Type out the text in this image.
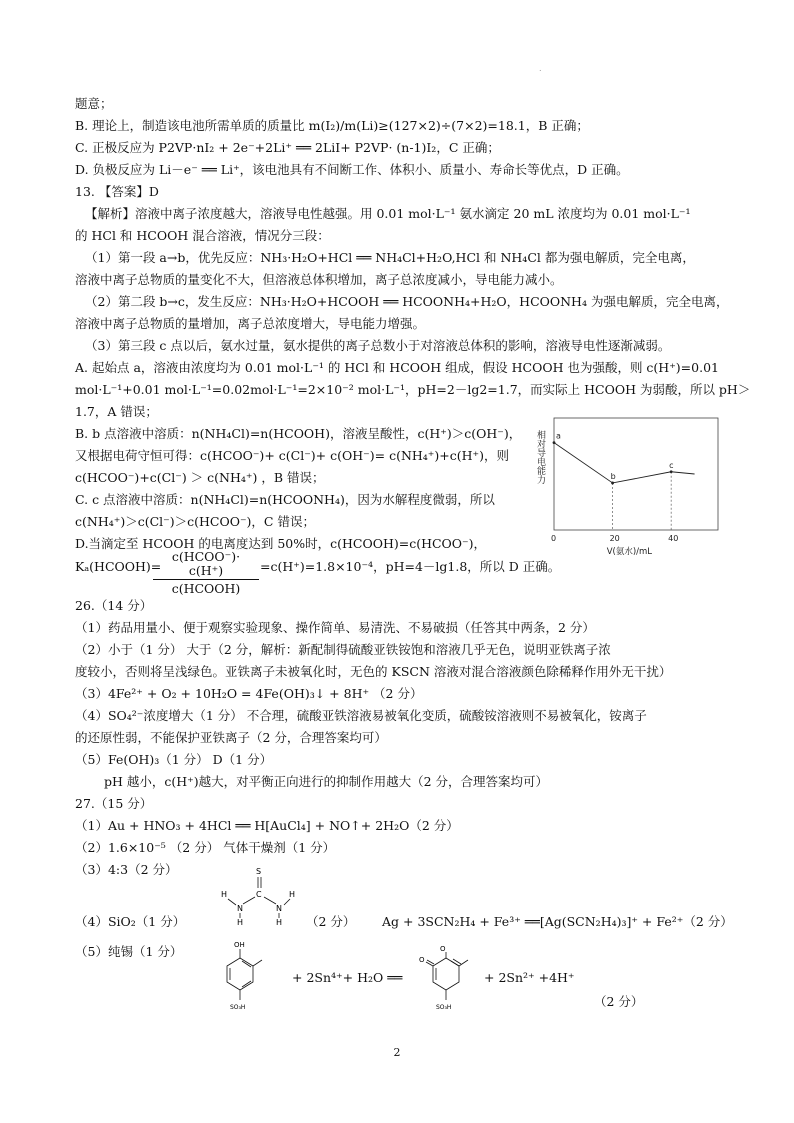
.
题意；
B. 理论上，制造该电池所需单质的质量比 m(I₂)/m(Li)≥(127×2)÷(7×2)=18.1，B 正确；
C. 正极反应为 P2VP·nI₂ + 2e⁻+2Li⁺ ══ 2LiI+ P2VP· (n-1)I₂，C 正确；
D. 负极反应为 Li－e⁻ ══ Li⁺，该电池具有不间断工作、体积小、质量小、寿命长等优点，D 正确。
13. 【答案】D
【解析】溶液中离子浓度越大，溶液导电性越强。用 0.01 mol·L⁻¹ 氨水滴定 20 mL 浓度均为 0.01 mol·L⁻¹
的 HCl 和 HCOOH 混合溶液，情况分三段：
（1）第一段 a→b，优先反应：NH₃·H₂O+HCl ══ NH₄Cl+H₂O,HCl 和 NH₄Cl 都为强电解质，完全电离，
溶液中离子总物质的量变化不大，但溶液总体积增加，离子总浓度减小，导电能力减小。
（2）第二段 b→c，发生反应：NH₃·H₂O+HCOOH ══ HCOONH₄+H₂O，HCOONH₄ 为强电解质，完全电离，
溶液中离子总物质的量增加，离子总浓度增大，导电能力增强。
（3）第三段 c 点以后，氨水过量，氨水提供的离子总数小于对溶液总体积的影响，溶液导电性逐渐减弱。
A. 起始点 a，溶液由浓度均为 0.01 mol·L⁻¹ 的 HCl 和 HCOOH 组成，假设 HCOOH 也为强酸，则 c(H⁺)=0.01
mol·L⁻¹+0.01 mol·L⁻¹=0.02mol·L⁻¹=2×10⁻² mol·L⁻¹，pH=2－lg2=1.7，而实际上 HCOOH 为弱酸，所以 pH＞
1.7，A 错误；
B. b 点溶液中溶质：n(NH₄Cl)=n(HCOOH)，溶液呈酸性，c(H⁺)＞c(OH⁻)，
又根据电荷守恒可得：c(HCOO⁻)+ c(Cl⁻)+ c(OH⁻)= c(NH₄⁺)+c(H⁺)，则
c(HCOO⁻)+c(Cl⁻) ＞ c(NH₄⁺) ，B 错误；
C. c 点溶液中溶质：n(NH₄Cl)=n(HCOONH₄)，因为水解程度微弱，所以
c(NH₄⁺)＞c(Cl⁻)＞c(HCOO⁻)，C 错误；
D.当滴定至 HCOOH 的电离度达到 50%时，c(HCOOH)=c(HCOO⁻)，
Kₐ(HCOOH)=
c(HCOO⁻)· c(H⁺)
c(HCOOH)
=c(H⁺)=1.8×10⁻⁴，pH=4－lg1.8，所以 D 正确。
相对导电能力
0	20	40
V(氨水)/mL
a
b
c
26.（14 分）
（1）药品用量小、便于观察实验现象、操作简单、易清洗、不易破损（任答其中两条，2 分）
（2）小于（1 分） 大于（2 分，解析：新配制得硫酸亚铁铵饱和溶液几乎无色，说明亚铁离子浓
度较小，否则将呈浅绿色。亚铁离子未被氧化时，无色的 KSCN 溶液对混合溶液颜色除稀释作用外无干扰）
（3）4Fe²⁺ + O₂ + 10H₂O = 4Fe(OH)₃↓ + 8H⁺ （2 分）
（4）SO₄²⁻浓度增大（1 分） 不合理，硫酸亚铁溶液易被氧化变质，硫酸铵溶液则不易被氧化，铵离子
的还原性弱，不能保护亚铁离子（2 分，合理答案均可）
（5）Fe(OH)₃（1 分） D（1 分）
pH 越小，c(H⁺)越大，对平衡正向进行的抑制作用越大（2 分，合理答案均可）
27.（15 分）
（1）Au + HNO₃ + 4HCl ══ H[AuCl₄] + NO↑+ 2H₂O（2 分）
（2）1.6×10⁻⁵ （2 分） 气体干燥剂（1 分）
（3）4:3（2 分）	S
C
N	N
H
H
H
H
（4）SiO₂（1 分）	（2 分） Ag + 3SCN₂H₄ + Fe³⁺ ══[Ag(SCN₂H₄)₃]⁺ + Fe²⁺（2 分）
（5）纯锡（1 分）	OH
SO₃H
+ 2Sn⁴⁺+ H₂O ══
O
O
SO₃H
+ 2Sn²⁺ +4H⁺
（2 分）
2
